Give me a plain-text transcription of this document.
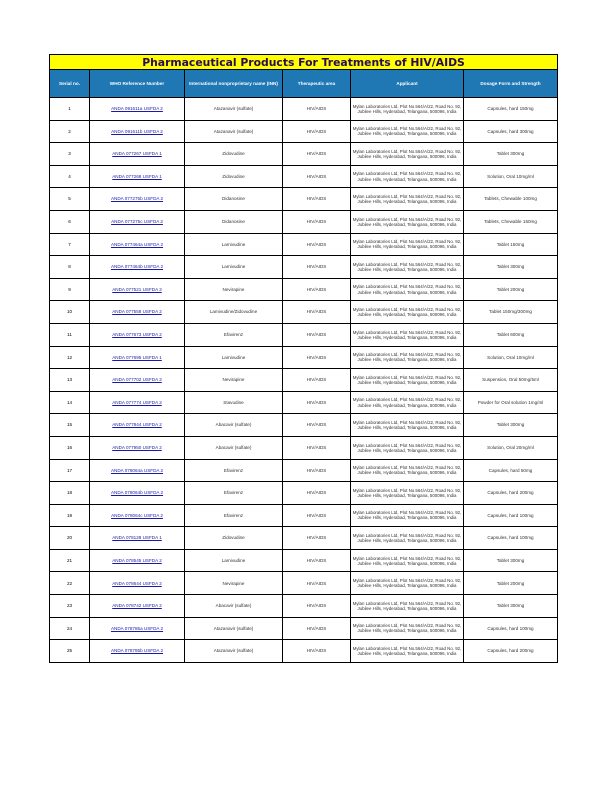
Pharmaceutical Products For Treatments of HIV/AIDS					
Serial no.	WHO Reference Number	International nonproprietary name (INN)	Therapeutic area	Applicant	Dosage Form and Strength
1	ANDA 091611a USFDA 2	Atazanavir (sulfate)	HIV/AIDS	Mylan Laboratories Ltd, Plot No.564/A/22, Road No. 92, Jubilee Hills, Hyderabad, Telangana, 500096, India	Capsules, hard 150mg
2	ANDA 091611b USFDA 2	Atazanavir (sulfate)	HIV/AIDS	Mylan Laboratories Ltd, Plot No.564/A/22, Road No. 92, Jubilee Hills, Hyderabad, Telangana, 500096, India	Capsules, hard 300mg
3	ANDA 077267 USFDA 1	Zidovudine	HIV/AIDS	Mylan Laboratories Ltd, Plot No.564/A/22, Road No. 92, Jubilee Hills, Hyderabad, Telangana, 500096, India	Tablet 300mg
4	ANDA 077268 USFDA 1	Zidovudine	HIV/AIDS	Mylan Laboratories Ltd, Plot No.564/A/22, Road No. 92, Jubilee Hills, Hyderabad, Telangana, 500096, India	Solution, Oral 10mg/ml
5	ANDA 077275b USFDA 2	Didanosine	HIV/AIDS	Mylan Laboratories Ltd, Plot No.564/A/22, Road No. 92, Jubilee Hills, Hyderabad, Telangana, 500096, India	Tablets, Chewable 100mg
6	ANDA 077275c USFDA 2	Didanosine	HIV/AIDS	Mylan Laboratories Ltd, Plot No.564/A/22, Road No. 92, Jubilee Hills, Hyderabad, Telangana, 500096, India	Tablets, Chewable 150mg
7	ANDA 077464a USFDA 2	Lamivudine	HIV/AIDS	Mylan Laboratories Ltd, Plot No.564/A/22, Road No. 92, Jubilee Hills, Hyderabad, Telangana, 500096, India	Tablet 150mg
8	ANDA 077464b USFDA 2	Lamivudine	HIV/AIDS	Mylan Laboratories Ltd, Plot No.564/A/22, Road No. 92, Jubilee Hills, Hyderabad, Telangana, 500096, India	Tablet 300mg
9	ANDA 077521 USFDA 2	Nevirapine	HIV/AIDS	Mylan Laboratories Ltd, Plot No.564/A/22, Road No. 92, Jubilee Hills, Hyderabad, Telangana, 500096, India	Tablet 200mg
10	ANDA 077558 USFDA 2	Lamivudine/Zidovudine	HIV/AIDS	Mylan Laboratories Ltd, Plot No.564/A/22, Road No. 92, Jubilee Hills, Hyderabad, Telangana, 500096, India	Tablet 150mg/300mg
11	ANDA 077673 USFDA 2	Efavirenz	HIV/AIDS	Mylan Laboratories Ltd, Plot No.564/A/22, Road No. 92, Jubilee Hills, Hyderabad, Telangana, 500096, India	Tablet 600mg
12	ANDA 077695 USFDA 1	Lamivudine	HIV/AIDS	Mylan Laboratories Ltd, Plot No.564/A/22, Road No. 92, Jubilee Hills, Hyderabad, Telangana, 500096, India	Solution, Oral 10mg/ml
13	ANDA 077702 USFDA 2	Nevirapine	HIV/AIDS	Mylan Laboratories Ltd, Plot No.564/A/22, Road No. 92, Jubilee Hills, Hyderabad, Telangana, 500096, India	Suspension, Oral 50mg/5ml
14	ANDA 077774 USFDA 2	Stavudine	HIV/AIDS	Mylan Laboratories Ltd, Plot No.564/A/22, Road No. 92, Jubilee Hills, Hyderabad, Telangana, 500096, India	Powder for Oral solution 1mg/ml
15	ANDA 077844 USFDA 2	Abacavir (sulfate)	HIV/AIDS	Mylan Laboratories Ltd, Plot No.564/A/22, Road No. 92, Jubilee Hills, Hyderabad, Telangana, 500096, India	Tablet 300mg
16	ANDA 077950 USFDA 2	Abacavir (sulfate)	HIV/AIDS	Mylan Laboratories Ltd, Plot No.564/A/22, Road No. 92, Jubilee Hills, Hyderabad, Telangana, 500096, India	Solution, Oral 20mg/ml
17	ANDA 078064a USFDA 2	Efavirenz	HIV/AIDS	Mylan Laboratories Ltd, Plot No.564/A/22, Road No. 92, Jubilee Hills, Hyderabad, Telangana, 500096, India	Capsules, hard 50mg
18	ANDA 078064b USFDA 2	Efavirenz	HIV/AIDS	Mylan Laboratories Ltd, Plot No.564/A/22, Road No. 92, Jubilee Hills, Hyderabad, Telangana, 500096, India	Capsules, hard 200mg
19	ANDA 078064c USFDA 2	Efavirenz	HIV/AIDS	Mylan Laboratories Ltd, Plot No.564/A/22, Road No. 92, Jubilee Hills, Hyderabad, Telangana, 500096, India	Capsules, hard 100mg
20	ANDA 078128 USFDA 1	Zidovudine	HIV/AIDS	Mylan Laboratories Ltd, Plot No.564/A/22, Road No. 92, Jubilee Hills, Hyderabad, Telangana, 500096, India	Capsules, hard 100mg
21	ANDA 078545 USFDA 2	Lamivudine	HIV/AIDS	Mylan Laboratories Ltd, Plot No.564/A/22, Road No. 92, Jubilee Hills, Hyderabad, Telangana, 500096, India	Tablet 300mg
22	ANDA 078644 USFDA 2	Nevirapine	HIV/AIDS	Mylan Laboratories Ltd, Plot No.564/A/22, Road No. 92, Jubilee Hills, Hyderabad, Telangana, 500096, India	Tablet 200mg
23	ANDA 078742 USFDA 2	Abacavir (sulfate)	HIV/AIDS	Mylan Laboratories Ltd, Plot No.564/A/22, Road No. 92, Jubilee Hills, Hyderabad, Telangana, 500096, India	Tablet 300mg
24	ANDA 078785a USFDA 2	Atazanavir (sulfate)	HIV/AIDS	Mylan Laboratories Ltd, Plot No.564/A/22, Road No. 92, Jubilee Hills, Hyderabad, Telangana, 500096, India	Capsules, hard 100mg
25	ANDA 078785b USFDA 2	Atazanavir (sulfate)	HIV/AIDS	Mylan Laboratories Ltd, Plot No.564/A/22, Road No. 92, Jubilee Hills, Hyderabad, Telangana, 500096, India	Capsules, hard 200mg
